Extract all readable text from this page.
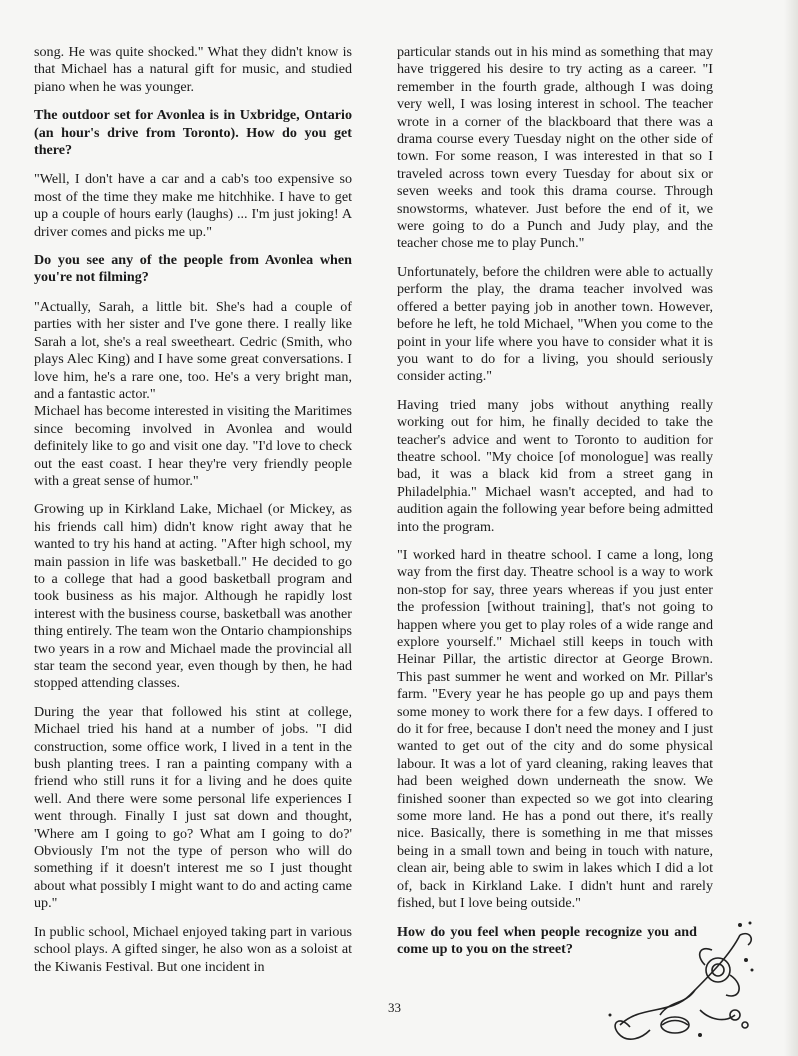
song. He was quite shocked." What they didn't know is that Michael has a natural gift for music, and studied piano when he was younger.

The outdoor set for Avonlea is in Uxbridge, Ontario (an hour's drive from Toronto). How do you get there?

"Well, I don't have a car and a cab's too expensive so most of the time they make me hitchhike. I have to get up a couple of hours early (laughs) ... I'm just joking! A driver comes and picks me up."

Do you see any of the people from Avonlea when you're not filming?

"Actually, Sarah, a little bit. She's had a couple of parties with her sister and I've gone there. I really like Sarah a lot, she's a real sweetheart. Cedric (Smith, who plays Alec King) and I have some great conversations. I love him, he's a rare one, too. He's a very bright man, and a fantastic actor."

Michael has become interested in visiting the Maritimes since becoming involved in Avonlea and would definitely like to go and visit one day. "I'd love to check out the east coast. I hear they're very friendly people with a great sense of humor."

Growing up in Kirkland Lake, Michael (or Mickey, as his friends call him) didn't know right away that he wanted to try his hand at acting. "After high school, my main passion in life was basketball." He decided to go to a college that had a good basketball program and took business as his major. Although he rapidly lost interest with the business course, basketball was another thing entirely. The team won the Ontario championships two years in a row and Michael made the provincial all star team the second year, even though by then, he had stopped attending classes.

During the year that followed his stint at college, Michael tried his hand at a number of jobs. "I did construction, some office work, I lived in a tent in the bush planting trees. I ran a painting company with a friend who still runs it for a living and he does quite well. And there were some personal life experiences I went through. Finally I just sat down and thought, 'Where am I going to go? What am I going to do?' Obviously I'm not the type of person who will do something if it doesn't interest me so I just thought about what possibly I might want to do and acting came up."

In public school, Michael enjoyed taking part in various school plays. A gifted singer, he also won as a soloist at the Kiwanis Festival. But one incident in

particular stands out in his mind as something that may have triggered his desire to try acting as a career. "I remember in the fourth grade, although I was doing very well, I was losing interest in school. The teacher wrote in a corner of the blackboard that there was a drama course every Tuesday night on the other side of town. For some reason, I was interested in that so I traveled across town every Tuesday for about six or seven weeks and took this drama course. Through snowstorms, whatever. Just before the end of it, we were going to do a Punch and Judy play, and the teacher chose me to play Punch."

Unfortunately, before the children were able to actually perform the play, the drama teacher involved was offered a better paying job in another town. However, before he left, he told Michael, "When you come to the point in your life where you have to consider what it is you want to do for a living, you should seriously consider acting."

Having tried many jobs without anything really working out for him, he finally decided to take the teacher's advice and went to Toronto to audition for theatre school. "My choice [of monologue] was really bad, it was a black kid from a street gang in Philadelphia." Michael wasn't accepted, and had to audition again the following year before being admitted into the program.

"I worked hard in theatre school. I came a long, long way from the first day. Theatre school is a way to work non-stop for say, three years whereas if you just enter the profession [without training], that's not going to happen where you get to play roles of a wide range and explore yourself." Michael still keeps in touch with Heinar Pillar, the artistic director at George Brown. This past summer he went and worked on Mr. Pillar's farm. "Every year he has people go up and pays them some money to work there for a few days. I offered to do it for free, because I don't need the money and I just wanted to get out of the city and do some physical labour. It was a lot of yard cleaning, raking leaves that had been weighed down underneath the snow. We finished sooner than expected so we got into clearing some more land. He has a pond out there, it's really nice. Basically, there is something in me that misses being in a small town and being in touch with nature, clean air, being able to swim in lakes which I did a lot of, back in Kirkland Lake. I didn't hunt and rarely fished, but I love being outside."

How do you feel when people recognize you and come up to you on the street?

33
